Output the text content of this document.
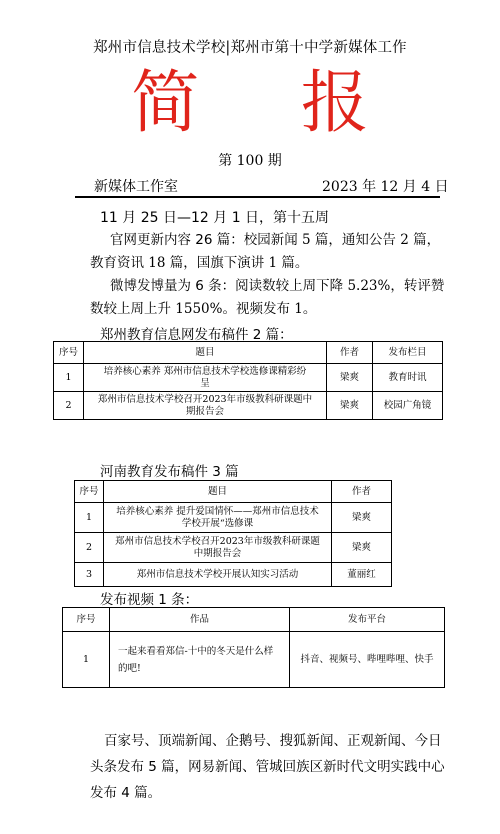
郑州市信息技术学校|郑州市第十中学新媒体工作
简 报
第 100 期
新媒体工作室	2023 年 12 月 4 日
11 月 25 日—12 月 1 日，第十五周
官网更新内容 26 篇：校园新闻 5 篇，通知公告 2 篇，教育资讯 18 篇，国旗下演讲 1 篇。
微博发博量为 6 条：阅读数较上周下降 5.23%，转评赞数较上周上升 1550%。视频发布 1。
郑州教育信息网发布稿件 2 篇：
序号	题目	作者	发布栏目
1	培养核心素养 郑州市信息技术学校选修课精彩纷呈	梁爽	教育时讯
2	郑州市信息技术学校召开2023年市级教科研课题中期报告会	梁爽	校园广角镜
河南教育发布稿件 3 篇
序号	题目	作者
1	培养核心素养 提升爱国情怀——郑州市信息技术学校开展“选修课	梁爽
2	郑州市信息技术学校召开2023年市级教科研课题中期报告会	梁爽
3	郑州市信息技术学校开展认知实习活动	董丽红
发布视频 1 条：
序号	作品	发布平台
1	一起来看看郑信-十中的冬天是什么样的吧!	抖音、视频号、哔哩哔哩、快手
百家号、顶端新闻、企鹅号、搜狐新闻、正观新闻、今日头条发布 5 篇，网易新闻、管城回族区新时代文明实践中心发布 4 篇。
